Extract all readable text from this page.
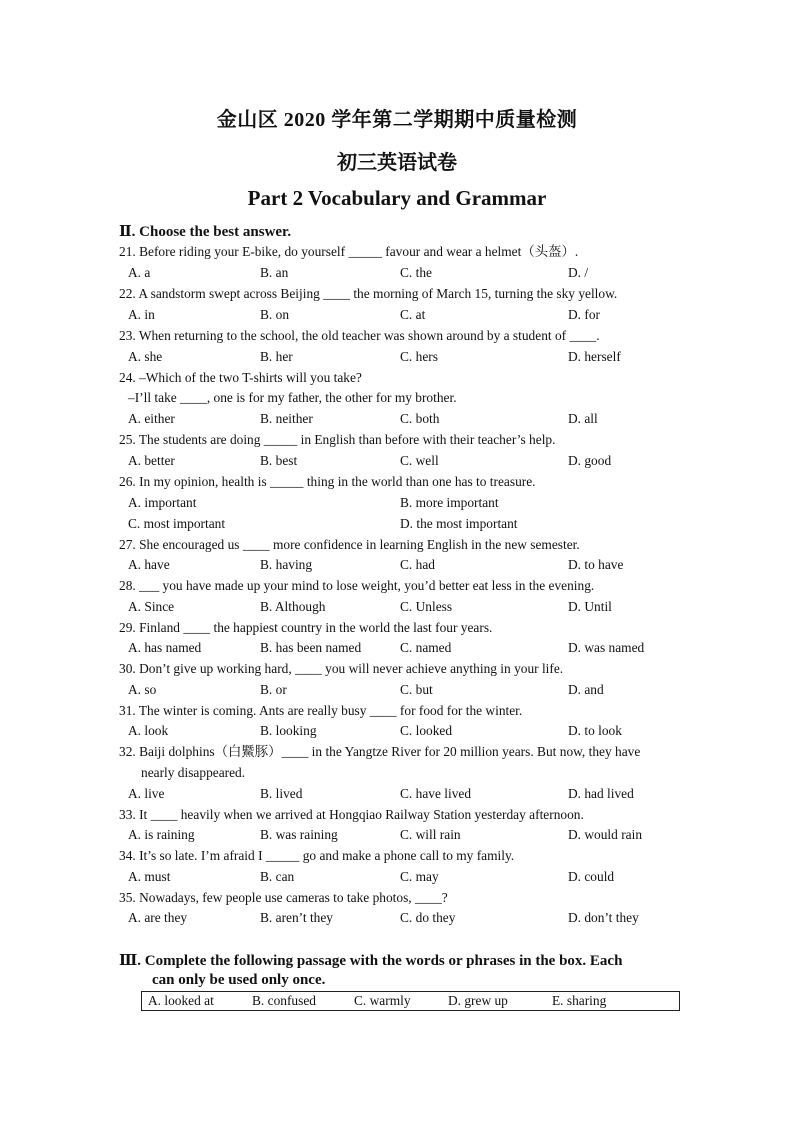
金山区 2020 学年第二学期期中质量检测
初三英语试卷
Part 2 Vocabulary and Grammar
Ⅱ. Choose the best answer.
21. Before riding your E-bike, do yourself _____ favour and wear a helmet（头盔）.
A. a	B. an	C. the	D. /
22. A sandstorm swept across Beijing ____ the morning of March 15, turning the sky yellow.
A. in	B. on	C. at	D. for
23. When returning to the school, the old teacher was shown around by a student of ____.
A. she	B. her	C. hers	D. herself
24. –Which of the two T-shirts will you take?
–I’ll take ____, one is for my father, the other for my brother.
A. either	B. neither	C. both	D. all
25. The students are doing _____ in English than before with their teacher’s help.
A. better	B. best	C. well	D. good
26. In my opinion, health is _____ thing in the world than one has to treasure.
A. important	B. more important
C. most important	D. the most important
27. She encouraged us ____ more confidence in learning English in the new semester.
A. have	B. having	C. had	D. to have
28. ___ you have made up your mind to lose weight, you’d better eat less in the evening.
A. Since	B. Although	C. Unless	D. Until
29. Finland ____ the happiest country in the world the last four years.
A. has named	B. has been named	C. named	D. was named
30. Don’t give up working hard, ____ you will never achieve anything in your life.
A. so	B. or	C. but	D. and
31. The winter is coming. Ants are really busy ____ for food for the winter.
A. look	B. looking	C. looked	D. to look
32. Baiji dolphins（白鱀豚）____ in the Yangtze River for 20 million years. But now, they have
nearly disappeared.
A. live	B. lived	C. have lived	D. had lived
33. It ____ heavily when we arrived at Hongqiao Railway Station yesterday afternoon.
A. is raining	B. was raining	C. will rain	D. would rain
34. It’s so late. I’m afraid I _____ go and make a phone call to my family.
A. must	B. can	C. may	D. could
35. Nowadays, few people use cameras to take photos, ____?
A. are they	B. aren’t they	C. do they	D. don’t they
Ⅲ. Complete the following passage with the words or phrases in the box. Each
can only be used only once.
A. looked at	B. confused	C. warmly	D. grew up	E. sharing
